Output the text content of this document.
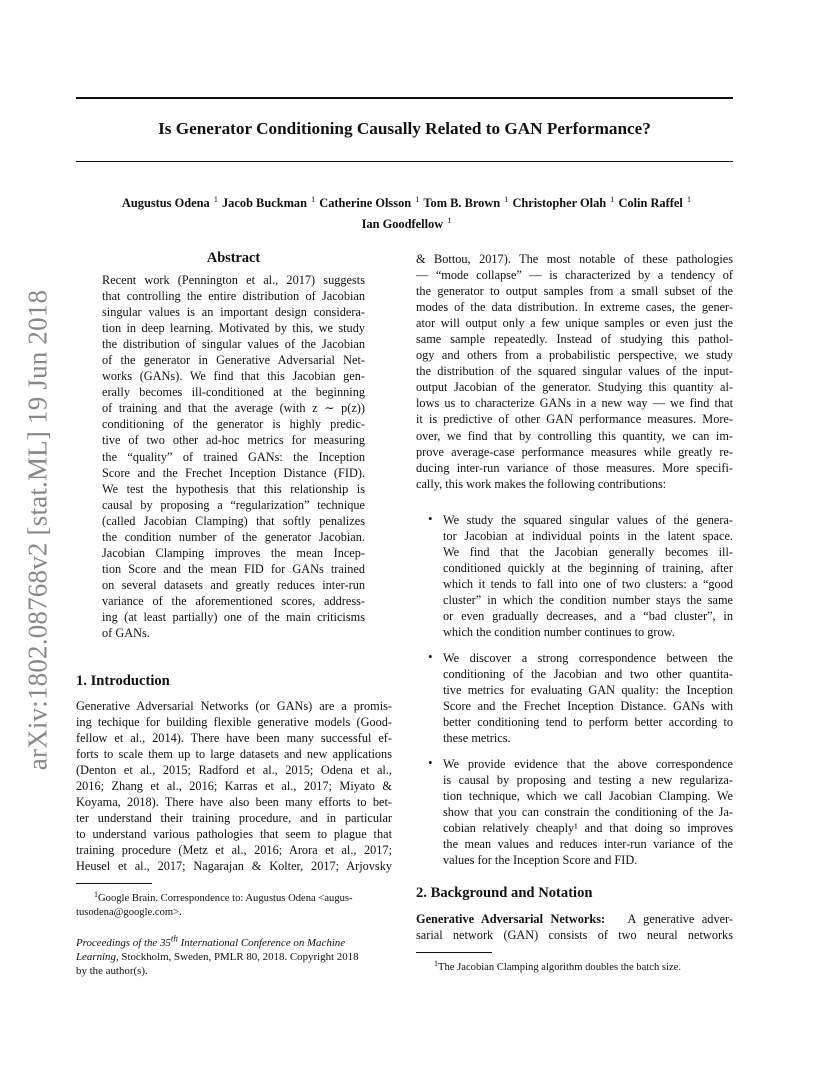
arXiv:1802.08768v2 [stat.ML] 19 Jun 2018
Is Generator Conditioning Causally Related to GAN Performance?
Augustus Odena $^1$ Jacob Buckman $^1$ Catherine Olsson $^1$ Tom B. Brown $^1$ Christopher Olah $^1$ Colin Raffel $^1$
Ian Goodfellow $^1$
Abstract
Recent work (Pennington et al., 2017) suggests
that controlling the entire distribution of Jacobian
singular values is an important design considera-
tion in deep learning. Motivated by this, we study
the distribution of singular values of the Jacobian
of the generator in Generative Adversarial Net-
works (GANs). We find that this Jacobian gen-
erally becomes ill-conditioned at the beginning
of training and that the average (with z ∼ p(z))
conditioning of the generator is highly predic-
tive of two other ad-hoc metrics for measuring
the “quality” of trained GANs: the Inception
Score and the Frechet Inception Distance (FID).
We test the hypothesis that this relationship is
causal by proposing a “regularization” technique
(called Jacobian Clamping) that softly penalizes
the condition number of the generator Jacobian.
Jacobian Clamping improves the mean Incep-
tion Score and the mean FID for GANs trained
on several datasets and greatly reduces inter-run
variance of the aforementioned scores, address-
ing (at least partially) one of the main criticisms
of GANs.
1. Introduction
Generative Adversarial Networks (or GANs) are a promis-
ing techique for building flexible generative models (Good-
fellow et al., 2014). There have been many successful ef-
forts to scale them up to large datasets and new applications
(Denton et al., 2015; Radford et al., 2015; Odena et al.,
2016; Zhang et al., 2016; Karras et al., 2017; Miyato &
Koyama, 2018). There have also been many efforts to bet-
ter understand their training procedure, and in particular
to understand various pathologies that seem to plague that
training procedure (Metz et al., 2016; Arora et al., 2017;
Heusel et al., 2017; Nagarajan & Kolter, 2017; Arjovsky
$^1$Google Brain. Correspondence to: Augustus Odena <augus-
tusodena@google.com>.
Proceedings of the 35th International Conference on Machine
Learning, Stockholm, Sweden, PMLR 80, 2018. Copyright 2018
by the author(s).
& Bottou, 2017). The most notable of these pathologies
— “mode collapse” — is characterized by a tendency of
the generator to output samples from a small subset of the
modes of the data distribution. In extreme cases, the gener-
ator will output only a few unique samples or even just the
same sample repeatedly. Instead of studying this pathol-
ogy and others from a probabilistic perspective, we study
the distribution of the squared singular values of the input-
output Jacobian of the generator. Studying this quantity al-
lows us to characterize GANs in a new way — we find that
it is predictive of other GAN performance measures. More-
over, we find that by controlling this quantity, we can im-
prove average-case performance measures while greatly re-
ducing inter-run variance of those measures. More specifi-
cally, this work makes the following contributions:
• We study the squared singular values of the genera-
tor Jacobian at individual points in the latent space.
We find that the Jacobian generally becomes ill-
conditioned quickly at the beginning of training, after
which it tends to fall into one of two clusters: a “good
cluster” in which the condition number stays the same
or even gradually decreases, and a “bad cluster”, in
which the condition number continues to grow.
• We discover a strong correspondence between the
conditioning of the Jacobian and two other quantita-
tive metrics for evaluating GAN quality: the Inception
Score and the Frechet Inception Distance. GANs with
better conditioning tend to perform better according to
these metrics.
• We provide evidence that the above correspondence
is causal by proposing and testing a new regulariza-
tion technique, which we call Jacobian Clamping. We
show that you can constrain the conditioning of the Ja-
cobian relatively cheaply¹ and that doing so improves
the mean values and reduces inter-run variance of the
values for the Inception Score and FID.
2. Background and Notation
Generative Adversarial Networks: A generative adver-
sarial network (GAN) consists of two neural networks
$^1$The Jacobian Clamping algorithm doubles the batch size.
